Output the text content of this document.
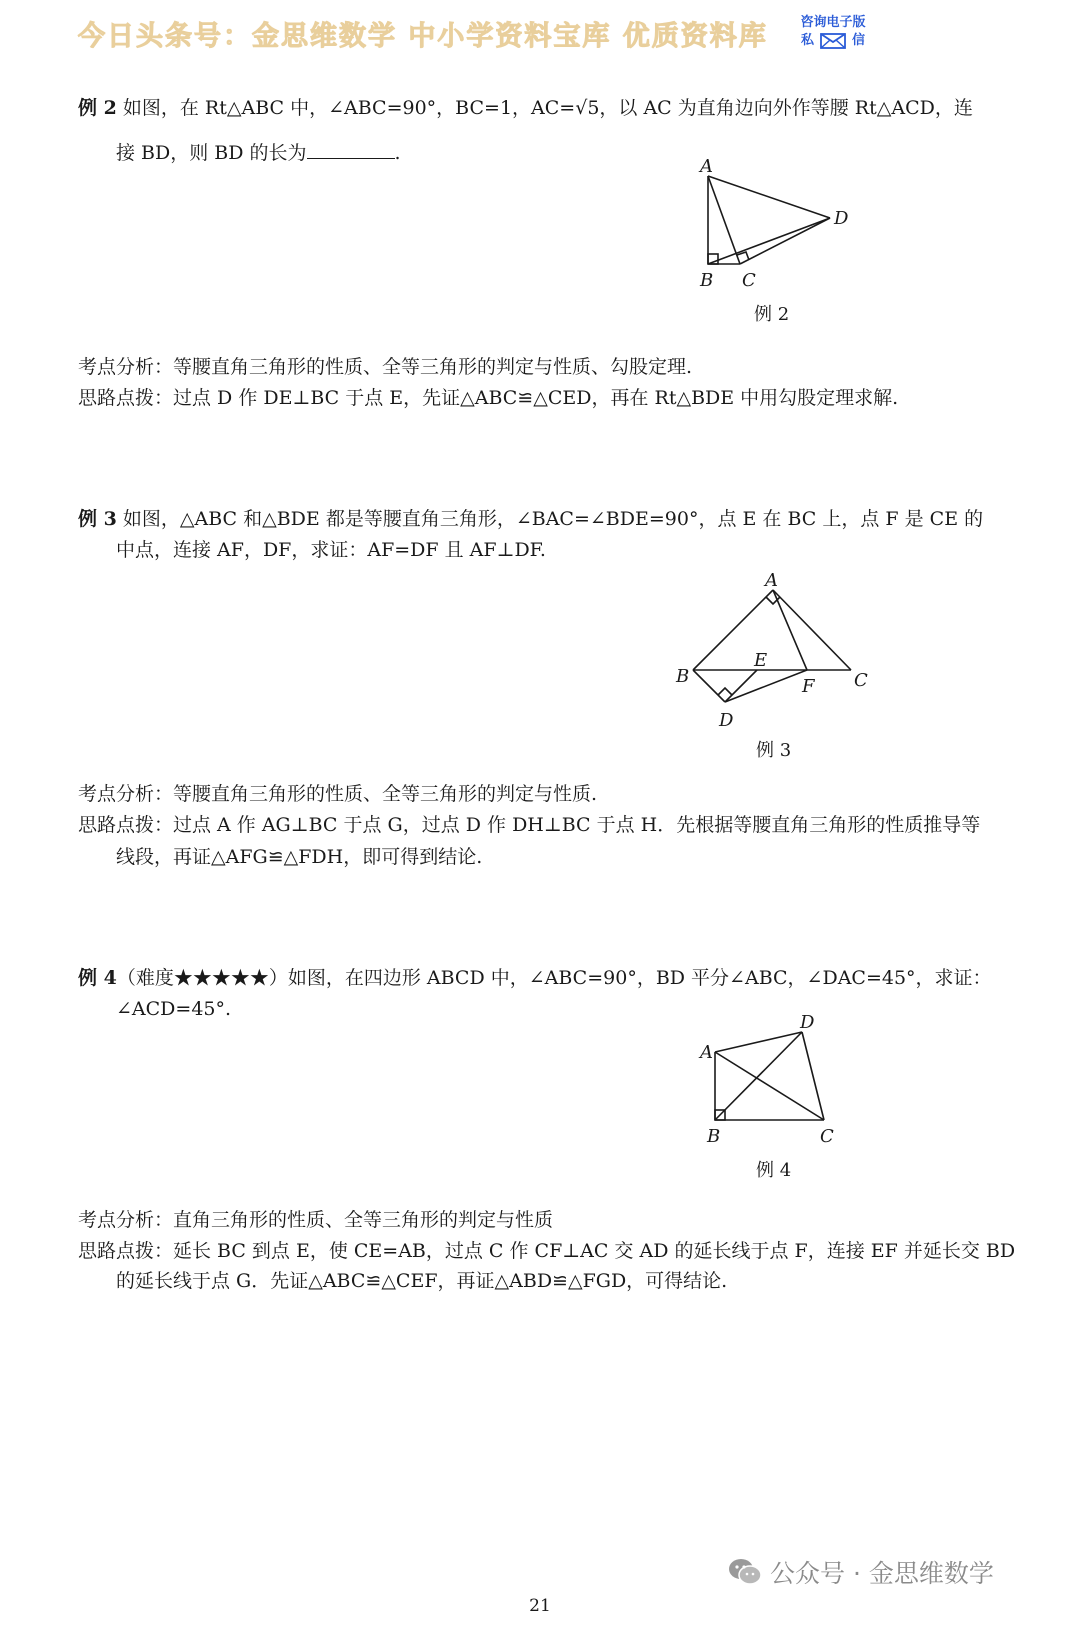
今日头条号：金思维数学 中小学资料宝库 优质资料库	咨询电子版
私	信
例 2 如图，在 Rt△ABC 中，∠ABC=90°，BC=1，AC=√5，以 AC 为直角边向外作等腰 Rt△ACD，连
接 BD，则 BD 的长为	.
A
B C
D
例 2
考点分析：等腰直角三角形的性质、全等三角形的判定与性质、勾股定理.
思路点拨：过点 D 作 DE⊥BC 于点 E，先证△ABC≌△CED，再在 Rt△BDE 中用勾股定理求解.
例 3 如图，△ABC 和△BDE 都是等腰直角三角形，∠BAC=∠BDE=90°，点 E 在 BC 上，点 F 是 CE 的
中点，连接 AF，DF，求证：AF=DF 且 AF⊥DF.
A
B	C
D
E
F
例 3
考点分析：等腰直角三角形的性质、全等三角形的判定与性质.
思路点拨：过点 A 作 AG⊥BC 于点 G，过点 D 作 DH⊥BC 于点 H．先根据等腰直角三角形的性质推导等
线段，再证△AFG≌△FDH，即可得到结论.
例 4（难度★★★★★）如图，在四边形 ABCD 中，∠ABC=90°，BD 平分∠ABC，∠DAC=45°，求证：
∠ACD=45°.
A
B	C
D
例 4
考点分析：直角三角形的性质、全等三角形的判定与性质
思路点拨：延长 BC 到点 E，使 CE=AB，过点 C 作 CF⊥AC 交 AD 的延长线于点 F，连接 EF 并延长交 BD
的延长线于点 G．先证△ABC≌△CEF，再证△ABD≌△FGD，可得结论.
公众号 · 金思维数学
21
